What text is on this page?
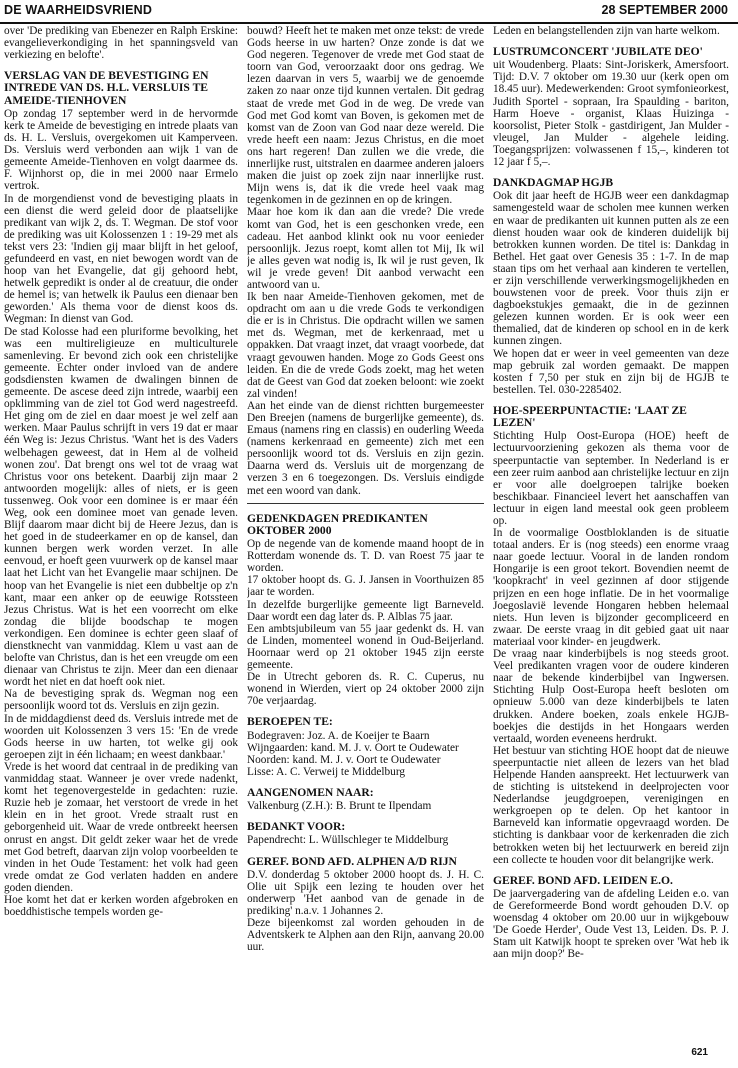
DE WAARHEIDSVRIEND	28 SEPTEMBER 2000

over 'De prediking van Ebenezer en Ralph Erskine: evangelieverkondiging in het spanningsveld van verkiezing en beloftе'.

VERSLAG VAN DE BEVESTIGING EN INTREDE VAN DS. H.L. VERSLUIS TE AMEIDE-TIENHOVEN

Op zondag 17 september werd in de hervormde kerk te Ameide de bevestiging en intrede plaats van ds. H. L. Versluis, overgekomen uit Kamperveen. Ds. Versluis werd verbonden aan wijk 1 van de gemeente Ameide-Tienhoven en volgt daarmee ds. F. Wijnhorst op, die in mei 2000 naar Ermelo vertrok.

In de morgendienst vond de bevestiging plaats in een dienst die werd geleid door de plaatselijke predikant van wijk 2, ds. T. Wegman. De stof voor de prediking was uit Kolossenzen 1 : 19-29 met als tekst vers 23: 'Indien gij maar blijft in het geloof, gefundeerd en vast, en niet bewogen wordt van de hoop van het Evangelie, dat gij gehoord hebt, hetwelk gepredikt is onder al de creatuur, die onder de hemel is; van hetwelk ik Paulus een dienaar ben geworden.' Als thema voor de dienst koos ds. Wegman: In dienst van God.

De stad Kolosse had een pluriforme bevolking, het was een multireligieuze en multiculturele samenleving. Er bevond zich ook een christelijke gemeente. Echter onder invloed van de andere godsdiensten kwamen de dwalingen binnen de gemeente. De ascese deed zijn intrede, waarbij een opklimming van de ziel tot God werd nagestreefd. Het ging om de ziel en daar moest je wel zelf aan werken. Maar Paulus schrijft in vers 19 dat er maar één Weg is: Jezus Christus. 'Want het is des Vaders welbehagen geweest, dat in Hem al de volheid wonen zou'. Dat brengt ons wel tot de vraag wat Christus voor ons betekent. Daarbij zijn maar 2 antwoorden mogelijk: alles of niets, er is geen tussenweg. Ook voor een dominee is er maar één Weg, ook een dominee moet van genade leven. Blijf daarom maar dicht bij de Heere Jezus, dan is het goed in de studeerkamer en op de kansel, dan kunnen bergen werk worden verzet. In alle eenvoud, er hoeft geen vuurwerk op de kansel maar laat het Licht van het Evangelie maar schijnen. De hoop van het Evangelie is niet een dubbeltje op z'n kant, maar een anker op de eeuwige Rotssteen Jezus Christus. Wat is het een voorrecht om elke zondag die blijde boodschap te mogen verkondigen. Een dominee is echter geen slaaf of dienstknecht van vanmiddag. Klem u vast aan de belofte van Christus, dan is het een vreugde om een dienaar van Christus te zijn. Meer dan een dienaar wordt het niet en dat hoeft ook niet.

Na de bevestiging sprak ds. Wegman nog een persoonlijk woord tot ds. Versluis en zijn gezin.

In de middagdienst deed ds. Versluis intrede met de woorden uit Kolossenzen 3 vers 15: 'En de vrede Gods heerse in uw harten, tot welke gij ook geroepen zijt in één lichaam; en weest dankbaar.'

Vrede is het woord dat centraal in de prediking van vanmiddag staat. Wanneer je over vrede nadenkt, komt het tegenovergestelde in gedachten: ruzie. Ruzie heb je zomaar, het verstoort de vrede in het klein en in het groot. Vrede straalt rust en geborgenheid uit. Waar de vrede ontbreekt heersen onrust en angst. Dit geldt zeker waar het de vrede met God betreft, daarvan zijn volop voorbeelden te vinden in het Oude Testament: het volk had geen vrede omdat ze God verlaten hadden en andere goden dienden.

Hoe komt het dat er kerken worden afgebroken en boeddhistische tempels worden ge-

bouwd? Heeft het te maken met onze tekst: de vrede Gods heerse in uw harten? Onze zonde is dat we God negeren. Tegenover de vrede met God staat de toorn van God, veroorzaakt door ons gedrag. We lezen daarvan in vers 5, waarbij we de genoemde zaken zo naar onze tijd kunnen vertalen. Dit gedrag staat de vrede met God in de weg. De vrede van God met God komt van Boven, is gekomen met de komst van de Zoon van God naar deze wereld. Die vrede heeft een naam: Jezus Christus, en die moet ons hart regeren! Dan zullen we die vrede, die innerlijke rust, uitstralen en daarmee anderen jaloers maken die juist op zoek zijn naar innerlijke rust. Mijn wens is, dat ik die vrede heel vaak mag tegenkomen in de gezinnen en op de kringen.

Maar hoe kom ik dan aan die vrede? Die vrede komt van God, het is een geschonken vrede, een cadeau. Het aanbod klinkt ook nu voor eenieder persoonlijk. Jezus roept, komt allen tot Mij, Ik wil je alles geven wat nodig is, Ik wil je rust geven, Ik wil je vrede geven! Dit aanbod verwacht een antwoord van u.

Ik ben naar Ameide-Tienhoven gekomen, met de opdracht om aan u die vrede Gods te verkondigen die er is in Christus. Die opdracht willen we samen met ds. Wegman, met de kerkenraad, met u oppakken. Dat vraagt inzet, dat vraagt voorbede, dat vraagt gevouwen handen. Moge zo Gods Geest ons leiden. En die de vrede Gods zoekt, mag het weten dat de Geest van God dat zoeken beloont: wie zoekt zal vinden!

Aan het einde van de dienst richtten burgemeester Den Breejen (namens de burgerlijke gemeente), ds. Emaus (namens ring en classis) en ouderling Weeda (namens kerkenraad en gemeente) zich met een persoonlijk woord tot ds. Versluis en zijn gezin. Daarna werd ds. Versluis uit de morgenzang de verzen 3 en 6 toegezongen. Ds. Versluis eindigde met een woord van dank.

GEDENKDAGEN PREDIKANTEN OKTOBER 2000

Op de negende van de komende maand hoopt de in Rotterdam wonende ds. T. D. van Roest 75 jaar te worden.

17 oktober hoopt ds. G. J. Jansen in Voorthuizen 85 jaar te worden.

In dezelfde burgerlijke gemeente ligt Barneveld. Daar wordt een dag later ds. P. Alblas 75 jaar.

Een ambtsjubileum van 55 jaar gedenkt ds. H. van de Linden, momenteel wonend in Oud-Beijerland. Hoornaar werd op 21 oktober 1945 zijn eerste gemeente.

De in Utrecht geboren ds. R. C. Cuperus, nu wonend in Wierden, viert op 24 oktober 2000 zijn 70e verjaardag.

BEROEPEN TE:

Bodegraven: Joz. A. de Koeijer te Baarn

Wijngaarden: kand. M. J. v. Oort te Oudewater

Noorden: kand. M. J. v. Oort te Oudewater

Lisse: A. C. Verweij te Middelburg

AANGENOMEN NAAR:

Valkenburg (Z.H.): B. Brunt te Ilpendam

BEDANKT VOOR:

Papendrecht: L. Wüllschleger te Middelburg

GEREF. BOND AFD. ALPHEN A/D RIJN

D.V. donderdag 5 oktober 2000 hoopt ds. J. H. C. Olie uit Spijk een lezing te houden over het onderwerp 'Het aanbod van de genade in de prediking' n.a.v. 1 Johannes 2.

Deze bijeenkomst zal worden gehouden in de Adventskerk te Alphen aan den Rijn, aanvang 20.00 uur.

Leden en belangstellenden zijn van harte welkom.

LUSTRUMCONCERT 'JUBILATE DEO'

uit Woudenberg. Plaats: Sint-Joriskerk, Amersfoort. Tijd: D.V. 7 oktober om 19.30 uur (kerk open om 18.45 uur). Medewerkenden: Groot symfonieorkest, Judith Sportel - sopraan, Ira Spaulding - bariton, Harm Hoeve - organist, Klaas Huizinga - koorsolist, Pieter Stolk - gastdirigent, Jan Mulder - vleugel, Jan Mulder - algehele leiding. Toegangsprijzen: volwassenen f 15,–, kinderen tot 12 jaar f 5,–.

DANKDAGMAP HGJB

Ook dit jaar heeft de HGJB weer een dankdagmap samengesteld waar de scholen mee kunnen werken en waar de predikanten uit kunnen putten als ze een dienst houden waar ook de kinderen duidelijk bij betrokken kunnen worden. De titel is: Dankdag in Bethel. Het gaat over Genesis 35 : 1-7. In de map staan tips om het verhaal aan kinderen te vertellen, er zijn verschillende verwerkingsmogelijkheden en bouwstenen voor de preek. Voor thuis zijn er dagboekstukjes gemaakt, die in de gezinnen gelezen kunnen worden. Er is ook weer een themalied, dat de kinderen op school en in de kerk kunnen zingen.

We hopen dat er weer in veel gemeenten van deze map gebruik zal worden gemaakt. De mappen kosten f 7,50 per stuk en zijn bij de HGJB te bestellen. Tel. 030-2285402.

HOE-SPEERPUNTACTIE: 'LAAT ZE LEZEN'

Stichting Hulp Oost-Europa (HOE) heeft de lectuurvoorziening gekozen als thema voor de speerpuntactie van september. In Nederland is er een zeer ruim aanbod aan christelijke lectuur en zijn er voor alle doelgroepen talrijke boeken beschikbaar. Financieel levert het aanschaffen van lectuur in eigen land meestal ook geen probleem op.

In de voormalige Oostbloklanden is de situatie totaal anders. Er is (nog steeds) een enorme vraag naar goede lectuur. Vooral in de landen rondom Hongarije is een groot tekort. Bovendien neemt de 'koopkracht' in veel gezinnen af door stijgende prijzen en een hoge inflatie. De in het voormalige Joegoslavië levende Hongaren hebben helemaal niets. Hun leven is bijzonder gecompliceerd en zwaar. De eerste vraag in dit gebied gaat uit naar materiaal voor kinder- en jeugdwerk.

De vraag naar kinderbijbels is nog steeds groot. Veel predikanten vragen voor de oudere kinderen naar de bekende kinderbijbel van Ingwersen. Stichting Hulp Oost-Europa heeft besloten om opnieuw 5.000 van deze kinderbijbels te laten drukken. Andere boeken, zoals enkele HGJB-boekjes die destijds in het Hongaars werden vertaald, worden eveneens herdrukt.

Het bestuur van stichting HOE hoopt dat de nieuwe speerpuntactie niet alleen de lezers van het blad Helpende Handen aanspreekt. Het lectuurwerk van de stichting is uitstekend in deelprojecten voor Nederlandse jeugdgroepen, verenigingen en werkgroepen op te delen. Op het kantoor in Barneveld kan informatie opgevraagd worden. De stichting is dankbaar voor de kerkenraden die zich betrokken weten bij het lectuurwerk en bereid zijn een collecte te houden voor dit belangrijke werk.

GEREF. BOND AFD. LEIDEN E.O.

De jaarvergadering van de afdeling Leiden e.o. van de Gereformeerde Bond wordt gehouden D.V. op woensdag 4 oktober om 20.00 uur in wijkgebouw 'De Goede Herder', Oude Vest 13, Leiden. Ds. P. J. Stam uit Katwijk hoopt te spreken over 'Wat heb ik aan mijn doop?' Be-

621
